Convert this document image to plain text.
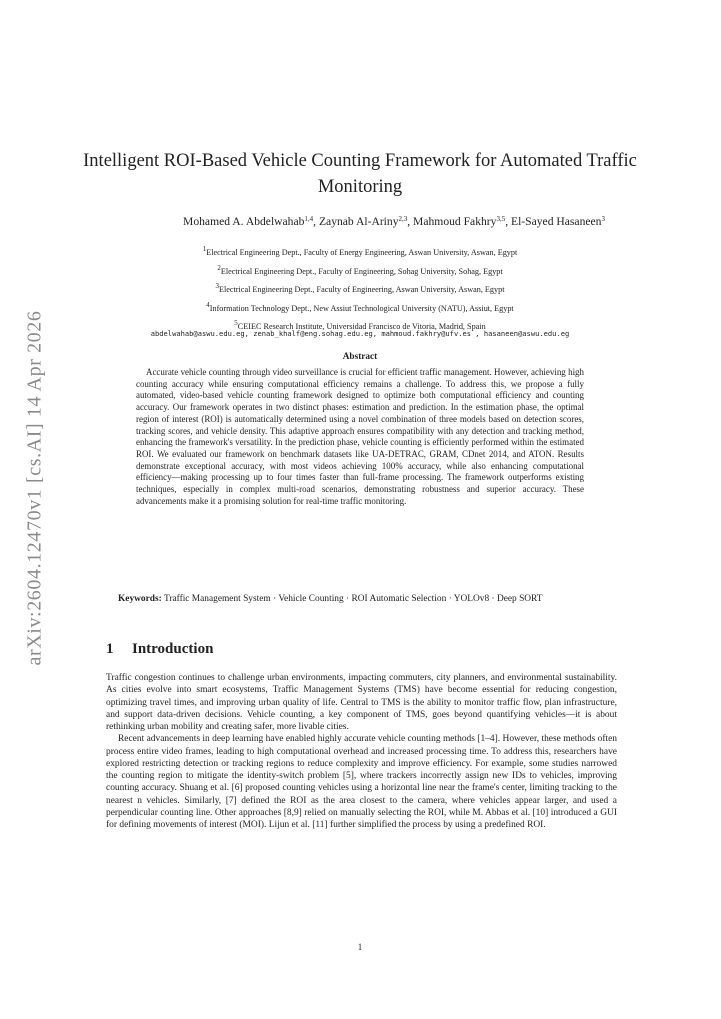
arXiv:2604.12470v1 [cs.AI] 14 Apr 2026
Intelligent ROI-Based Vehicle Counting Framework for Automated Traffic Monitoring
Mohamed A. Abdelwahab$^{1,4}$, Zaynab Al-Ariny$^{2,3}$, Mahmoud Fakhry$^{3,5}$, El-Sayed Hasaneen$^3$
$^1$Electrical Engineering Dept., Faculty of Energy Engineering, Aswan University, Aswan, Egypt
$^2$Electrical Engineering Dept., Faculty of Engineering, Sohag University, Sohag, Egypt
$^3$Electrical Engineering Dept., Faculty of Engineering, Aswan University, Aswan, Egypt
$^4$Information Technology Dept., New Assiut Technological University (NATU), Assiut, Egypt
$^5$CEIEC Research Institute, Universidad Francisco de Vitoria, Madrid, Spain
abdelwahab@aswu.edu.eg, zenab_khalf@eng.sohag.edu.eg, mahmoud.fakhry@ufv.es , hasaneen@aswu.edu.eg
Abstract

Accurate vehicle counting through video surveillance is crucial for efficient traffic management. However, achieving high counting accuracy while ensuring computational efficiency remains a challenge. To address this, we propose a fully automated, video-based vehicle counting framework designed to optimize both computational efficiency and counting accuracy. Our framework operates in two distinct phases: estimation and prediction. In the estimation phase, the optimal region of interest (ROI) is automatically determined using a novel combination of three models based on detection scores, tracking scores, and vehicle density. This adaptive approach ensures compatibility with any detection and tracking method, enhancing the framework's versatility. In the prediction phase, vehicle counting is efficiently performed within the estimated ROI. We evaluated our framework on benchmark datasets like UA-DETRAC, GRAM, CDnet 2014, and ATON. Results demonstrate exceptional accuracy, with most videos achieving 100% accuracy, while also enhancing computational efficiency—making processing up to four times faster than full-frame processing. The framework outperforms existing techniques, especially in complex multi-road scenarios, demonstrating robustness and superior accuracy. These advancements make it a promising solution for real-time traffic monitoring.

Keywords: Traffic Management System · Vehicle Counting · ROI Automatic Selection · YOLOv8 · Deep SORT
1 Introduction

Traffic congestion continues to challenge urban environments, impacting commuters, city planners, and environmental sustainability. As cities evolve into smart ecosystems, Traffic Management Systems (TMS) have become essential for reducing congestion, optimizing travel times, and improving urban quality of life. Central to TMS is the ability to monitor traffic flow, plan infrastructure, and support data-driven decisions. Vehicle counting, a key component of TMS, goes beyond quantifying vehicles—it is about rethinking urban mobility and creating safer, more livable cities.

Recent advancements in deep learning have enabled highly accurate vehicle counting methods [1–4]. However, these methods often process entire video frames, leading to high computational overhead and increased processing time. To address this, researchers have explored restricting detection or tracking regions to reduce complexity and improve efficiency. For example, some studies narrowed the counting region to mitigate the identity-switch problem [5], where trackers incorrectly assign new IDs to vehicles, improving counting accuracy. Shuang et al. [6] proposed counting vehicles using a horizontal line near the frame's center, limiting tracking to the nearest n vehicles. Similarly, [7] defined the ROI as the area closest to the camera, where vehicles appear larger, and used a perpendicular counting line. Other approaches [8,9] relied on manually selecting the ROI, while M. Abbas et al. [10] introduced a GUI for defining movements of interest (MOI). Lijun et al. [11] further simplified the process by using a predefined ROI.

1
